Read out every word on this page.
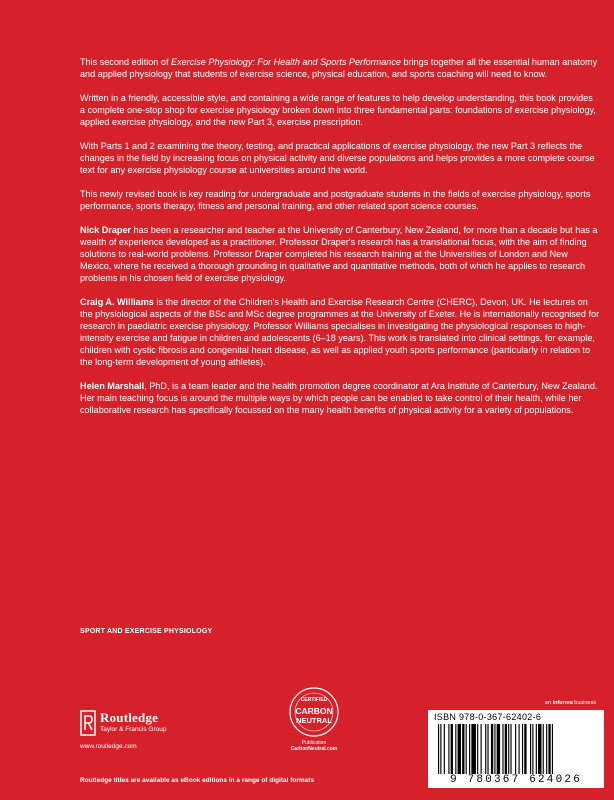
This second edition of Exercise Physiology: For Health and Sports Performance brings together all the essential human anatomy and applied physiology that students of exercise science, physical education, and sports coaching will need to know.

Written in a friendly, accessible style, and containing a wide range of features to help develop understanding, this book provides a complete one-stop shop for exercise physiology broken down into three fundamental parts: foundations of exercise physiology, applied exercise physiology, and the new Part 3, exercise prescription.

With Parts 1 and 2 examining the theory, testing, and practical applications of exercise physiology, the new Part 3 reflects the changes in the field by increasing focus on physical activity and diverse populations and helps provides a more complete course text for any exercise physiology course at universities around the world.

This newly revised book is key reading for undergraduate and postgraduate students in the fields of exercise physiology, sports performance, sports therapy, fitness and personal training, and other related sport science courses.

Nick Draper has been a researcher and teacher at the University of Canterbury, New Zealand, for more than a decade but has a wealth of experience developed as a practitioner. Professor Draper's research has a translational focus, with the aim of finding solutions to real-world problems. Professor Draper completed his research training at the Universities of London and New Mexico, where he received a thorough grounding in qualitative and quantitative methods, both of which he applies to research problems in his chosen field of exercise physiology.

Craig A. Williams is the director of the Children's Health and Exercise Research Centre (CHERC), Devon, UK. He lectures on the physiological aspects of the BSc and MSc degree programmes at the University of Exeter. He is internationally recognised for research in paediatric exercise physiology. Professor Williams specialises in investigating the physiological responses to high-intensity exercise and fatigue in children and adolescents (6–18 years). This work is translated into clinical settings, for example, children with cystic fibrosis and congenital heart disease, as well as applied youth sports performance (particularly in relation to the long-term development of young athletes).

Helen Marshall, PhD, is a team leader and the health promotion degree coordinator at Ara Institute of Canterbury, New Zealand. Her main teaching focus is around the multiple ways by which people can be enabled to take control of their health, while her collaborative research has specifically focussed on the many health benefits of physical activity for a variety of populations.

SPORT AND EXERCISE PHYSIOLOGY
Routledge
Taylor & Francis Group
www.routledge.com
CERTIFIED
CARBON
NEUTRAL
Publication
CarbonNeutral.com
an informa business
ISBN 978-0-367-62402-6
9 780367 624026
Routledge titles are available as eBook editions in a range of digital formats
